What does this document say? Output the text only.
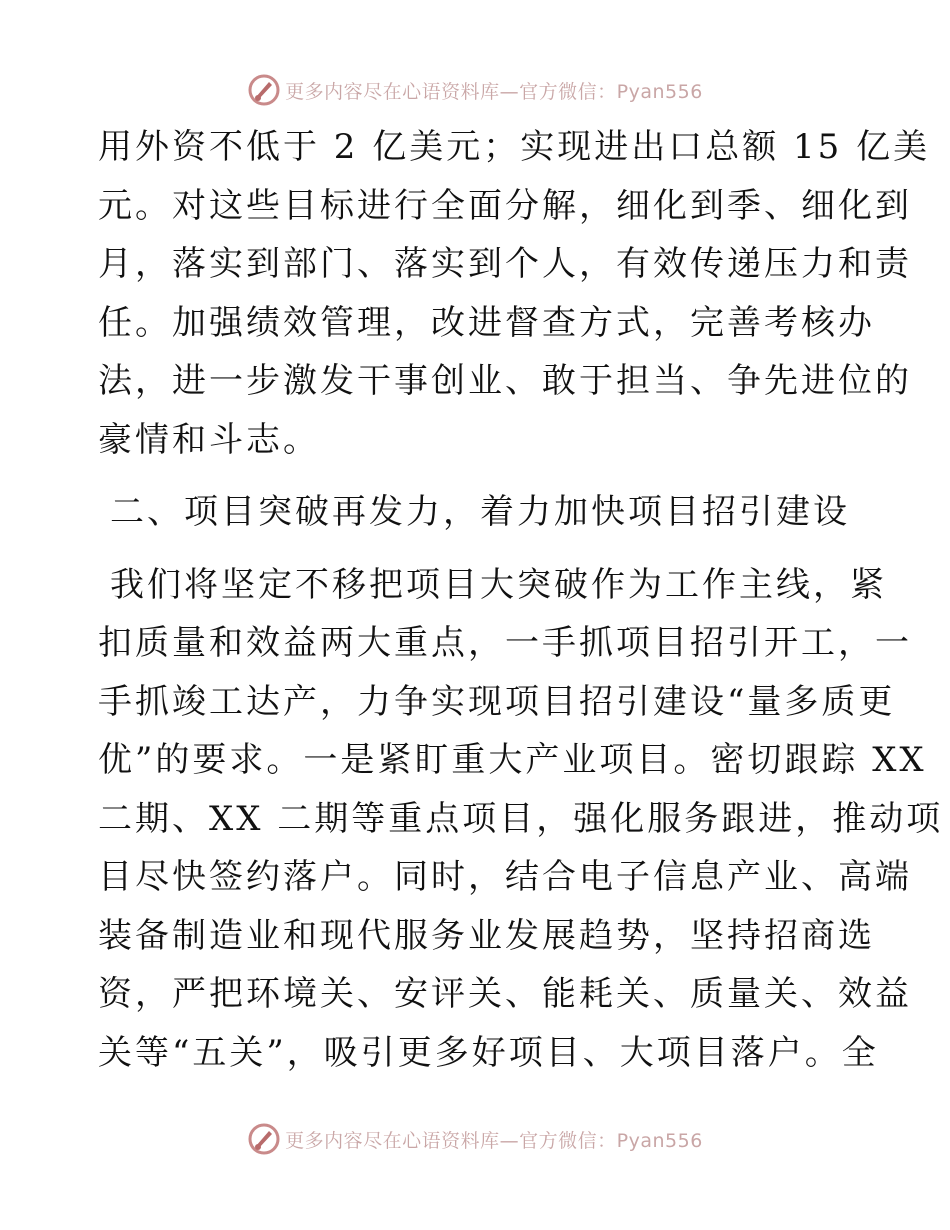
更多内容尽在心语资料库—官方微信：Pyan556
用外资不低于 2 亿美元；实现进出口总额 15 亿美
元。对这些目标进行全面分解，细化到季、细化到
月，落实到部门、落实到个人，有效传递压力和责
任。加强绩效管理，改进督查方式，完善考核办
法，进一步激发干事创业、敢于担当、争先进位的
豪情和斗志。
二、项目突破再发力，着力加快项目招引建设
我们将坚定不移把项目大突破作为工作主线，紧
扣质量和效益两大重点，一手抓项目招引开工，一
手抓竣工达产，力争实现项目招引建设“量多质更
优”的要求。一是紧盯重大产业项目。密切跟踪 XX
二期、XX 二期等重点项目，强化服务跟进，推动项
目尽快签约落户。同时，结合电子信息产业、高端
装备制造业和现代服务业发展趋势，坚持招商选
资，严把环境关、安评关、能耗关、质量关、效益
关等“五关”，吸引更多好项目、大项目落户。全
更多内容尽在心语资料库—官方微信：Pyan556
